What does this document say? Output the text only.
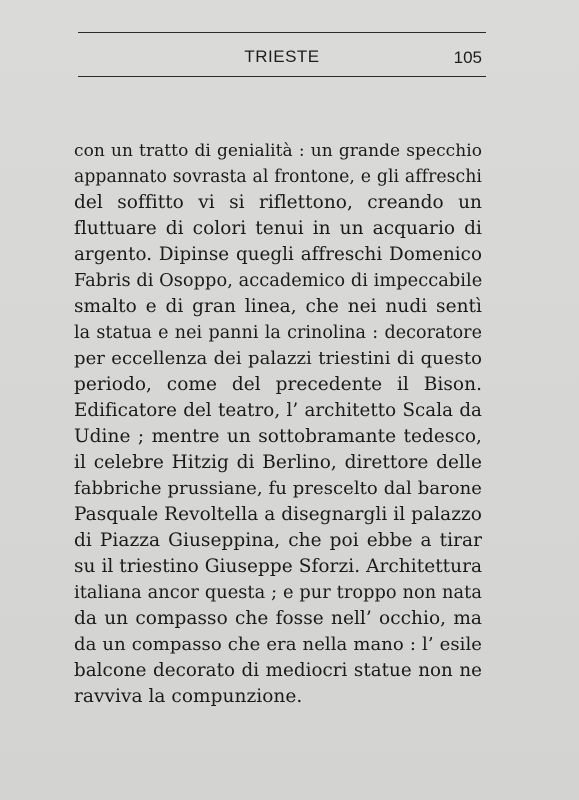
TRIESTE	105
con un tratto di genialità : un grande specchio
appannato sovrasta al frontone, e gli affreschi
del soffitto vi si riflettono, creando un
fluttuare di colori tenui in un acquario di
argento. Dipinse quegli affreschi Domenico
Fabris di Osoppo, accademico di impeccabile
smalto e di gran linea, che nei nudi sentì
la statua e nei panni la crinolina : decoratore
per eccellenza dei palazzi triestini di questo
periodo, come del precedente il Bison.
Edificatore del teatro, l’ architetto Scala da
Udine ; mentre un sottobramante tedesco,
il celebre Hitzig di Berlino, direttore delle
fabbriche prussiane, fu prescelto dal barone
Pasquale Revoltella a disegnargli il palazzo
di Piazza Giuseppina, che poi ebbe a tirar
su il triestino Giuseppe Sforzi. Architettura
italiana ancor questa ; e pur troppo non nata
da un compasso che fosse nell’ occhio, ma
da un compasso che era nella mano : l’ esile
balcone decorato di mediocri statue non ne
ravviva la compunzione.
